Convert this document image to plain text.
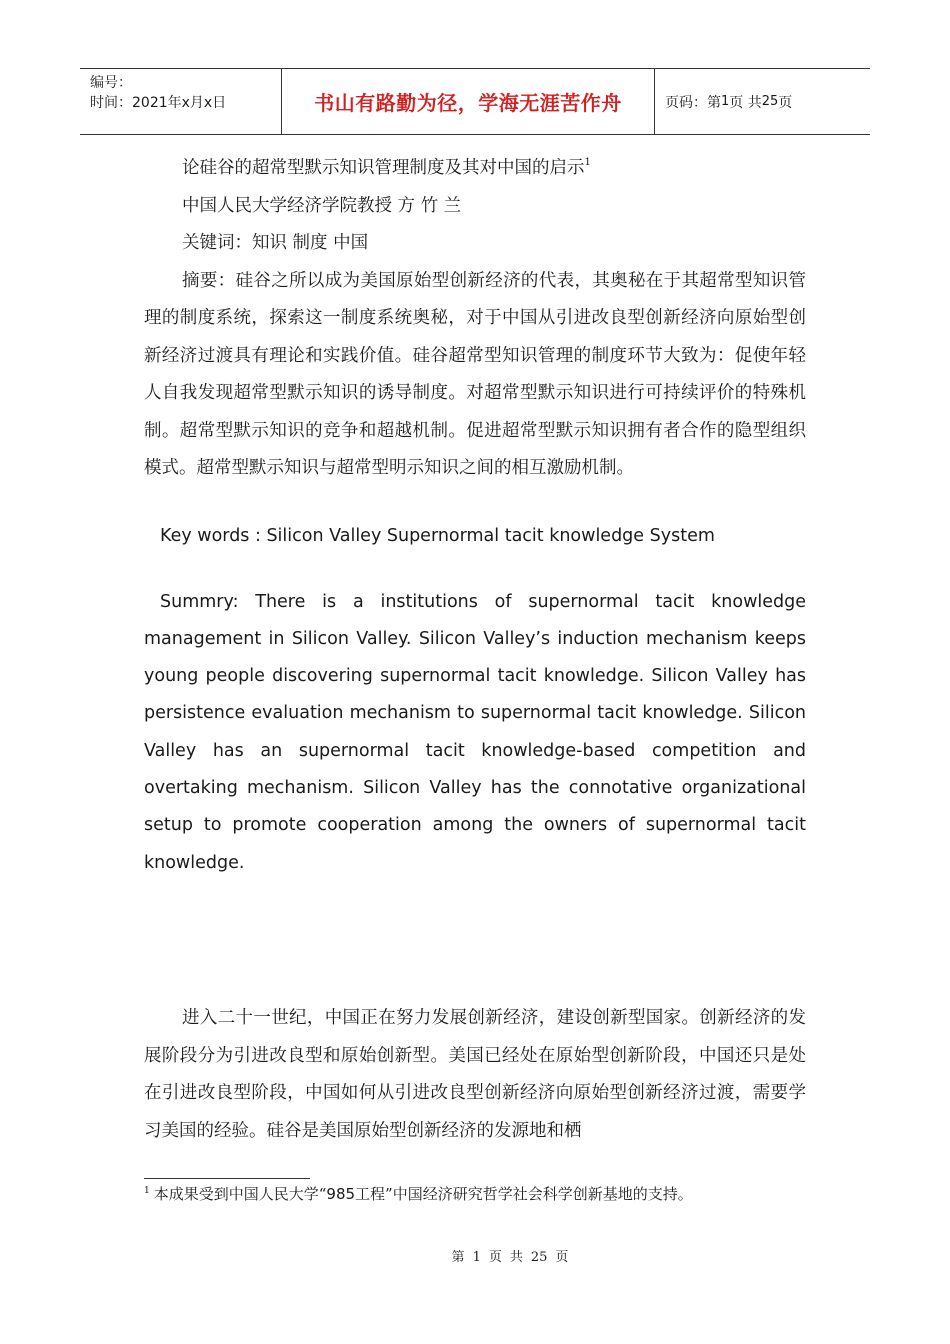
编号：
时间：2021年x月x日	书山有路勤为径，学海无涯苦作舟	页码：第 1 页 共 25 页

论硅谷的超常型默示知识管理制度及其对中国的启示$^1$

中国人民大学经济学院教授 方 竹 兰

关键词：知识 制度 中国

摘要：硅谷之所以成为美国原始型创新经济的代表，其奥秘在于其超常型知识管理的制度系统，探索这一制度系统奥秘，对于中国从引进改良型创新经济向原始型创新经济过渡具有理论和实践价值。硅谷超常型知识管理的制度环节大致为：促使年轻人自我发现超常型默示知识的诱导制度。对超常型默示知识进行可持续评价的特殊机制。超常型默示知识的竞争和超越机制。促进超常型默示知识拥有者合作的隐型组织模式。超常型默示知识与超常型明示知识之间的相互激励机制。

Key words : Silicon Valley Supernormal tacit knowledge System

Summry: There is a institutions of supernormal tacit knowledge management in Silicon Valley. Silicon Valley’s induction mechanism keeps young people discovering supernormal tacit knowledge. Silicon Valley has persistence evaluation mechanism to supernormal tacit knowledge. Silicon Valley has an supernormal tacit knowledge-based competition and overtaking mechanism. Silicon Valley has the connotative organizational setup to promote cooperation among the owners of supernormal tacit knowledge.

进入二十一世纪，中国正在努力发展创新经济，建设创新型国家。创新经济的发展阶段分为引进改良型和原始创新型。美国已经处在原始型创新阶段，中国还只是处在引进改良型阶段，中国如何从引进改良型创新经济向原始型创新经济过渡，需要学习美国的经验。硅谷是美国原始型创新经济的发源地和栖

$^1$ 本成果受到中国人民大学“985工程”中国经济研究哲学社会科学创新基地的支持。
第 1 页 共 25 页
